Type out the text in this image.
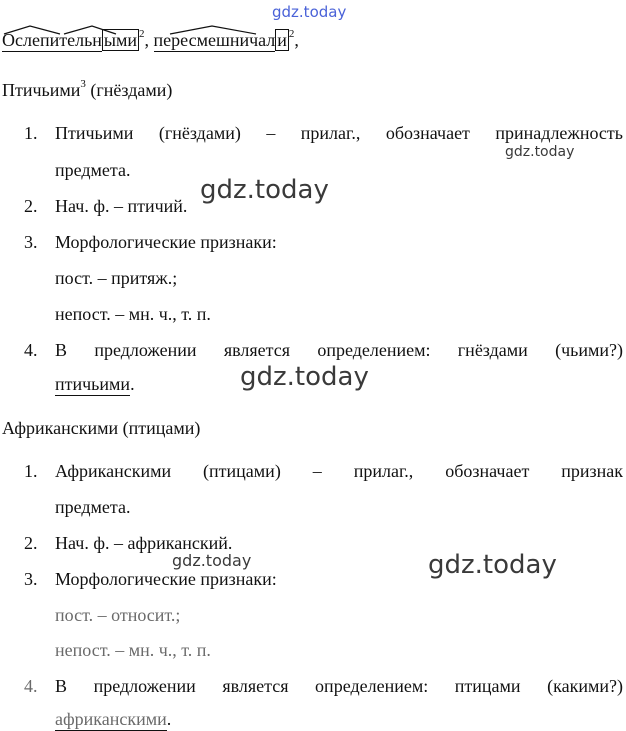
gdz.today
Ослепительн ыми $^2$, пересмешничал и $^2$,
Птичьими$^3$ (гнёздами)
1. Птичьими (гнёздами) – прилаг., обозначает принадлежность
предмета.
gdz.today
2. Нач. ф. – птичий.
gdz.today
3. Морфологические признаки:
пост. – притяж.;
непост. – мн. ч., т. п.
4. В предложении является определением: гнёздами (чьими?)
птичьими.	gdz.today
Африканскими (птицами)
1. Африканскими (птицами) – прилаг., обозначает признак
предмета.
2. Нач. ф. – африканский.
gdz.today	gdz.today
3. Морфологические признаки:
пост. – относит.;
непост. – мн. ч., т. п.
4. В предложении является определением: птицами (какими?)
африканскими.
